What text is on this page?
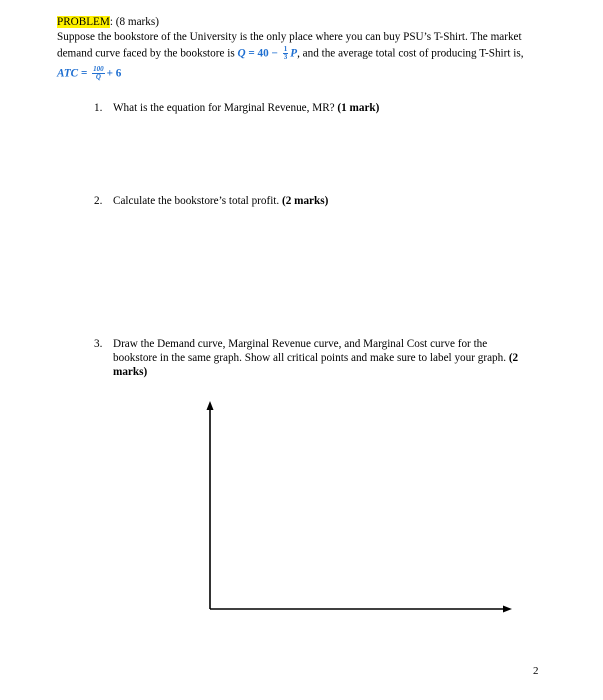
PROBLEM: (8 marks)
Suppose the bookstore of the University is the only place where you can buy PSU’s T-Shirt. The market
demand curve faced by the bookstore is $Q = 40 - \frac{1}{3} P$, and the average total cost of producing T-Shirt is,
ATC = $\frac{100}{Q} + 6$
1. What is the equation for Marginal Revenue, MR? (1 mark)
2. Calculate the bookstore’s total profit. (2 marks)
3. Draw the Demand curve, Marginal Revenue curve, and Marginal Cost curve for the
bookstore in the same graph. Show all critical points and make sure to label your graph. (2
marks)
2
